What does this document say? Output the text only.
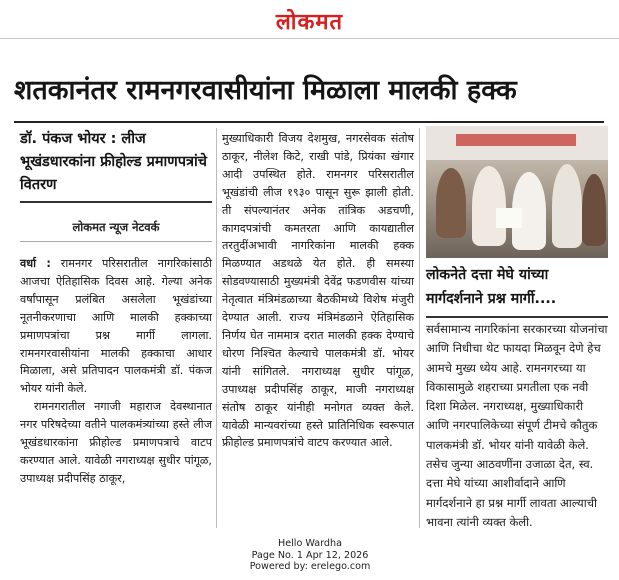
लोकमत
शतकानंतर रामनगरवासीयांना मिळाला मालकी हक्क
डॉ. पंकज भोयर : लीज भूखंडधारकांना फ्रीहोल्ड प्रमाणपत्रांचे वितरण
लोकमत न्यूज नेटवर्क

वर्धा : रामनगर परिसरातील नागरिकांसाठी आजचा ऐतिहासिक दिवस आहे. गेल्या अनेक वर्षांपासून प्रलंबित असलेला भूखंडांच्या नूतनीकरणाचा आणि मालकी हक्काच्या प्रमाणपत्रांचा प्रश्न मार्गी लागला. रामनगरवासीयांना मालकी हक्काचा आधार मिळाला, असे प्रतिपादन पालकमंत्री डॉ. पंकज भोयर यांनी केले.

रामनगरातील नगाजी महाराज देवस्थानात नगर परिषदेच्या वतीने पालकमंत्र्यांच्या हस्ते लीज भूखंडधारकांना फ्रीहोल्ड प्रमाणपत्राचे वाटप करण्यात आले. यावेळी नगराध्यक्ष सुधीर पांगूळ, उपाध्यक्ष प्रदीपसिंह ठाकूर,

मुख्याधिकारी विजय देशमुख, नगरसेवक संतोष ठाकूर, नीलेश किटे, राखी पांडे, प्रियंका खंगार आदी उपस्थित होते. रामनगर परिसरातील भूखंडांची लीज १९३० पासून सुरू झाली होती. ती संपल्यानंतर अनेक तांत्रिक अडचणी, कागदपत्रांची कमतरता आणि कायद्यातील तरतुदींअभावी नागरिकांना मालकी हक्क मिळण्यात अडथळे येत होते. ही समस्या सोडवण्यासाठी मुख्यमंत्री देवेंद्र फडणवीस यांच्या नेतृत्वात मंत्रिमंडळाच्या बैठकीमध्ये विशेष मंजुरी देण्यात आली. राज्य मंत्रिमंडळाने ऐतिहासिक निर्णय घेत नाममात्र दरात मालकी हक्क देण्याचे धोरण निश्चित केल्याचे पालकमंत्री डॉ. भोयर यांनी सांगितले. नगराध्यक्ष सुधीर पांगूळ, उपाध्यक्ष प्रदीपसिंह ठाकूर, माजी नगराध्यक्ष संतोष ठाकूर यांनीही मनोगत व्यक्त केले. यावेळी मान्यवरांच्या हस्ते प्रातिनिधिक स्वरूपात फ्रीहोल्ड प्रमाणपत्रांचे वाटप करण्यात आले.

लोकनेते दत्ता मेघे यांच्या मार्गदर्शनाने प्रश्न मार्गी....
सर्वसामान्य नागरिकांना सरकारच्या योजनांचा आणि निधीचा थेट फायदा मिळवून देणे हेच आमचे मुख्य ध्येय आहे. रामनगरच्या या विकासामुळे शहराच्या प्रगतीला एक नवी दिशा मिळेल. नगराध्यक्ष, मुख्याधिकारी आणि नगरपालिकेच्या संपूर्ण टीमचे कौतुक पालकमंत्री डॉ. भोयर यांनी यावेळी केले. तसेच जुन्या आठवणींना उजाळा देत, स्व. दत्ता मेघे यांच्या आशीर्वादाने आणि मार्गदर्शनाने हा प्रश्न मार्गी लावता आल्याची भावना त्यांनी व्यक्त केली.
Hello Wardha
Page No. 1 Apr 12, 2026
Powered by: erelego.com
